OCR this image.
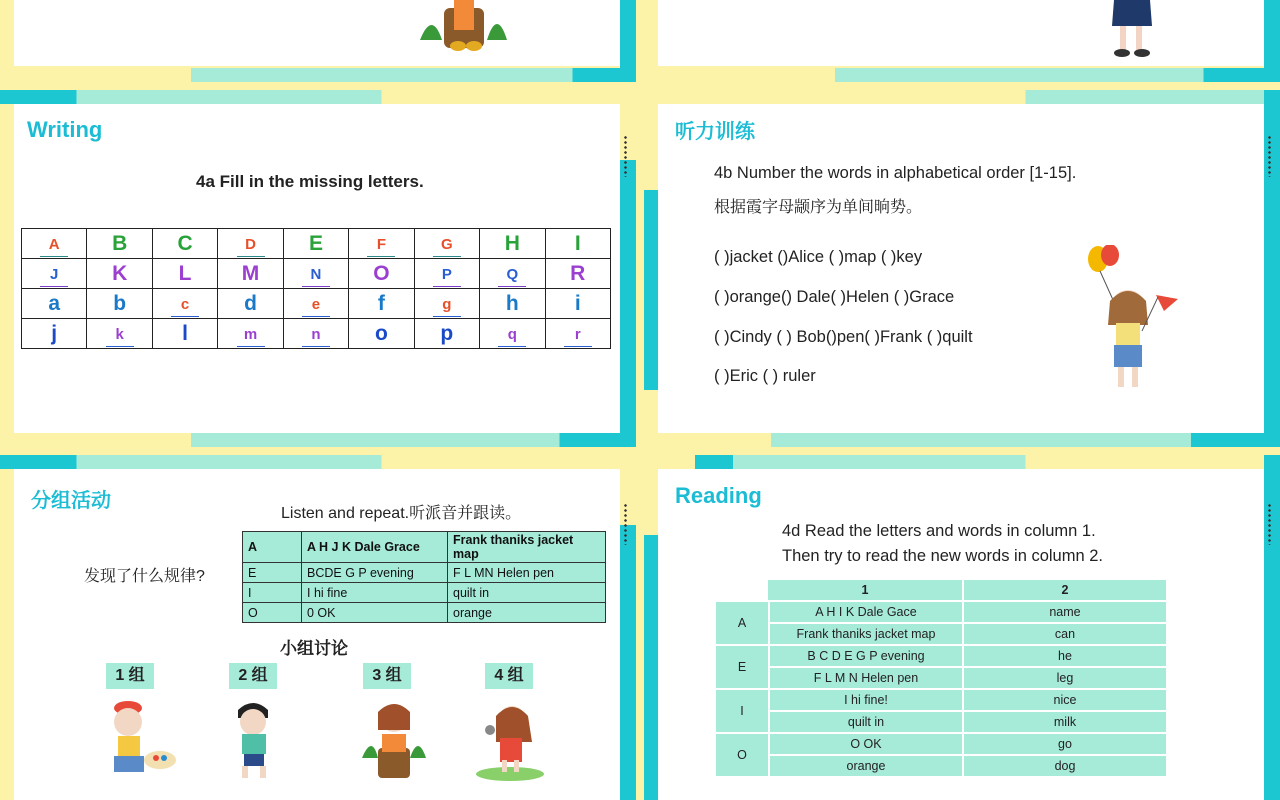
Writing
4a Fill in the missing letters.
A	B	C	D	E	F	G	H	I
J	K	L	M	N	O	P	Q	R
a	b	c	d	e	f	g	h	i
j	k	l	m	n	o	p	q	r
听力训练
4b Number the words in alphabetical order [1-15].
根据霞字母颛序为单间晌势。
( )jacket ()Alice ( )map ( )key
( )orange() Dale( )Helen ( )Grace
( )Cindy ( ) Bob()pen( )Frank ( )quilt
( )Eric ( ) ruler
分组活动
Listen and repeat.听派音并跟读。
发现了什么规律?
A	A H J K Dale Grace	Frank thaniks jacket map
E	BCDE G P evening	F L MN Helen pen
I	I hi fine	quilt in
O	0 OK	orange
小组讨论
1 组	2 组	3 组	4 组
Reading
4d Read the letters and words in column 1.
Then try to read the new words in column 2.
	1	2
A	A H I K Dale Gace	name
	Frank thaniks jacket map	can
E	B C D E G P evening	he
	F L M N Helen pen	leg
I	I hi fine!	nice
	quilt in	milk
O	O OK	go
	orange	dog
